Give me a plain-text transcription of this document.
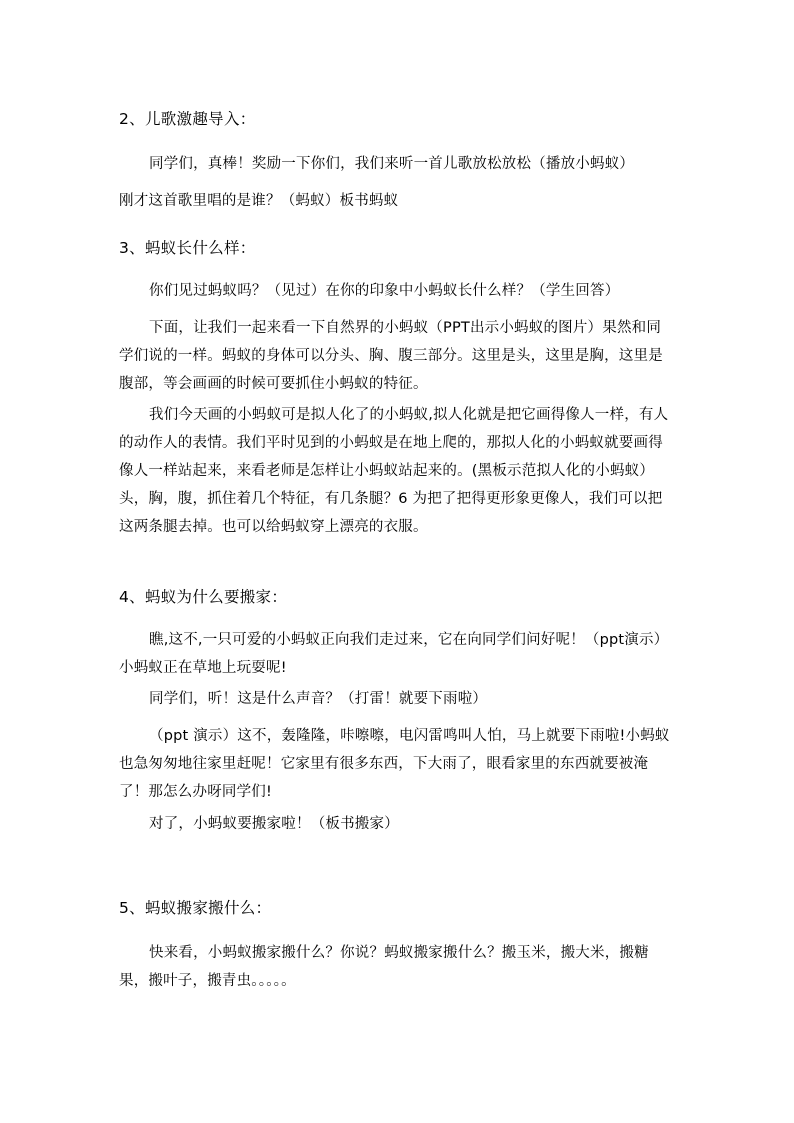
2、儿歌激趣导入：
同学们，真棒！奖励一下你们，我们来听一首儿歌放松放松（播放小蚂蚁）
刚才这首歌里唱的是谁？（蚂蚁）板书蚂蚁
3、蚂蚁长什么样：
你们见过蚂蚁吗？（见过）在你的印象中小蚂蚁长什么样？（学生回答）
下面，让我们一起来看一下自然界的小蚂蚁（PPT出示小蚂蚁的图片）果然和同学们说的一样。蚂蚁的身体可以分头、胸、腹三部分。这里是头，这里是胸，这里是腹部，等会画画的时候可要抓住小蚂蚁的特征。
我们今天画的小蚂蚁可是拟人化了的小蚂蚁,拟人化就是把它画得像人一样，有人的动作人的表情。我们平时见到的小蚂蚁是在地上爬的，那拟人化的小蚂蚁就要画得像人一样站起来，来看老师是怎样让小蚂蚁站起来的。(黑板示范拟人化的小蚂蚁）头，胸，腹，抓住着几个特征，有几条腿？6 为把了把得更形象更像人，我们可以把这两条腿去掉。也可以给蚂蚁穿上漂亮的衣服。
4、蚂蚁为什么要搬家：
瞧,这不,一只可爱的小蚂蚁正向我们走过来，它在向同学们问好呢！（ppt演示）小蚂蚁正在草地上玩耍呢!
同学们，听！这是什么声音？（打雷！就要下雨啦）
（ppt 演示）这不，轰隆隆，咔嚓嚓，电闪雷鸣叫人怕，马上就要下雨啦!小蚂蚁也急匆匆地往家里赶呢！它家里有很多东西，下大雨了，眼看家里的东西就要被淹了！那怎么办呀同学们!
对了，小蚂蚁要搬家啦！（板书搬家）
5、蚂蚁搬家搬什么：
快来看，小蚂蚁搬家搬什么？你说？蚂蚁搬家搬什么？搬玉米，搬大米，搬糖果，搬叶子，搬青虫。。。。。
